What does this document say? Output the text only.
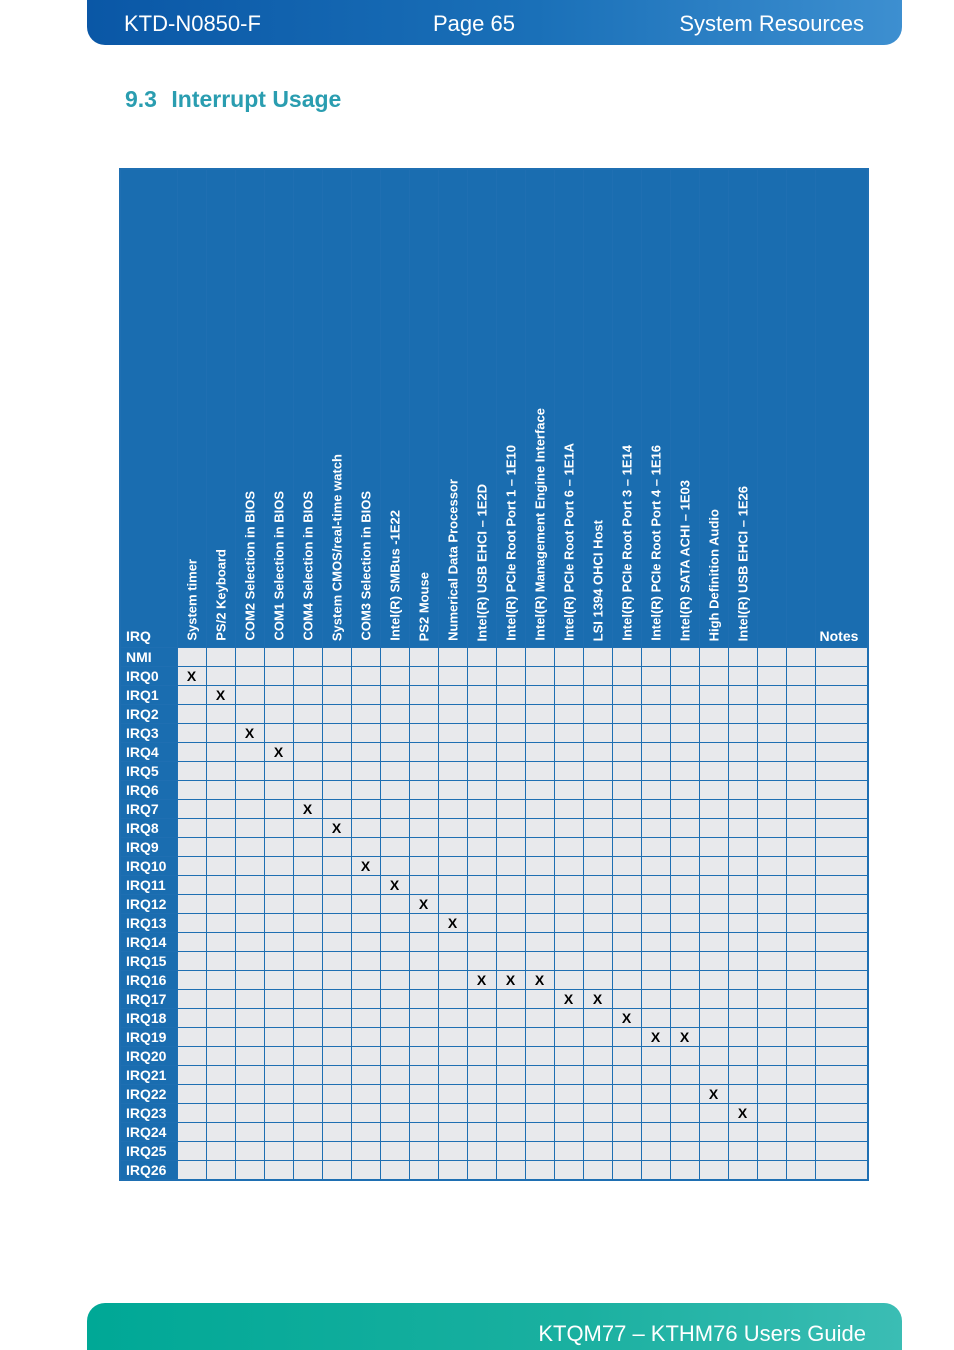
KTD-N0850-F	Page 65	System Resources
9.3 Interrupt Usage
IRQ	System timer	PS/2 Keyboard	COM2 Selection in BIOS	COM1 Selection in BIOS	COM4 Selection in BIOS	System CMOS/real-time watch	COM3 Selection in BIOS	Intel(R) SMBus -1E22	PS2 Mouse	Numerical Data Processor	Intel(R) USB EHCI – 1E2D	Intel(R) PCIe Root Port 1 – 1E10	Intel(R) Management Engine Interface	Intel(R) PCIe Root Port 6 – 1E1A	LSI 1394 OHCI Host	Intel(R) PCIe Root Port 3 – 1E14	Intel(R) PCIe Root Port 4 – 1E16	Intel(R) SATA ACHI – 1E03	High Definition Audio	Intel(R) USB EHCI – 1E26			Notes
NMI																							
IRQ0	X																						
IRQ1		X																					
IRQ2																							
IRQ3			X																				
IRQ4				X																			
IRQ5																							
IRQ6																							
IRQ7					X																		
IRQ8						X																	
IRQ9																							
IRQ10							X																
IRQ11								X															
IRQ12									X														
IRQ13										X													
IRQ14																							
IRQ15																							
IRQ16											X	X	X										
IRQ17														X	X								
IRQ18																X							
IRQ19																	X	X					
IRQ20																							
IRQ21																							
IRQ22																			X				
IRQ23																				X			
IRQ24																							
IRQ25																							
IRQ26																							
KTQM77 – KTHM76 Users Guide
